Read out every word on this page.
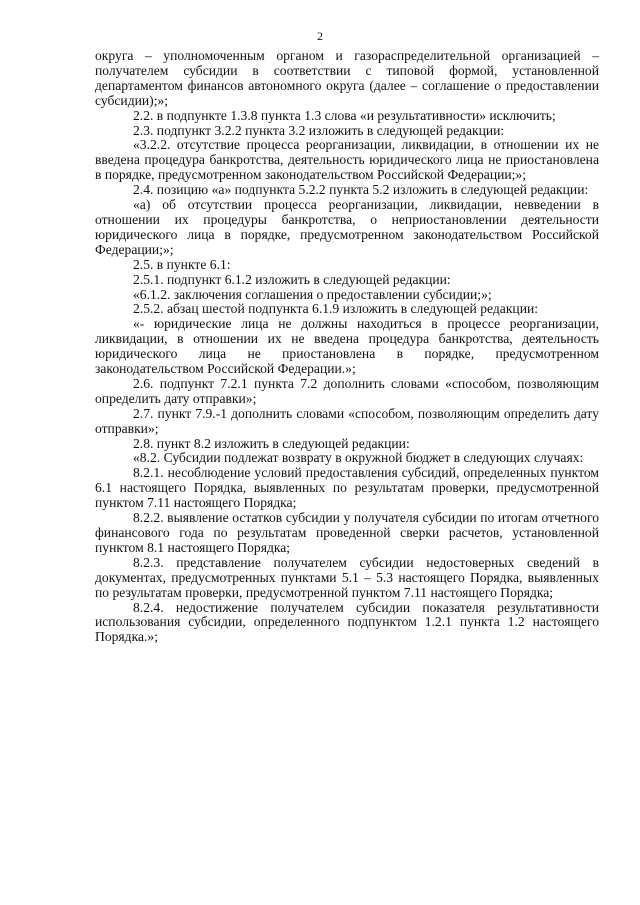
2

округа – уполномоченным органом и газораспределительной организацией – получателем субсидии в соответствии с типовой формой, установленной департаментом финансов автономного округа (далее – соглашение о предоставлении субсидии);»;

2.2. в подпункте 1.3.8 пункта 1.3 слова «и результативности» исключить;

2.3. подпункт 3.2.2 пункта 3.2 изложить в следующей редакции:

«3.2.2. отсутствие процесса реорганизации, ликвидации, в отношении их не введена процедура банкротства, деятельность юридического лица не приостановлена в порядке, предусмотренном законодательством Российской Федерации;»;

2.4. позицию «а» подпункта 5.2.2 пункта 5.2 изложить в следующей редакции:

«а) об отсутствии процесса реорганизации, ликвидации, невведении в отношении их процедуры банкротства, о неприостановлении деятельности юридического лица в порядке, предусмотренном законодательством Российской Федерации;»;

2.5. в пункте 6.1:

2.5.1. подпункт 6.1.2 изложить в следующей редакции:

«6.1.2. заключения соглашения о предоставлении субсидии;»;

2.5.2. абзац шестой подпункта 6.1.9 изложить в следующей редакции:

«- юридические лица не должны находиться в процессе реорганизации, ликвидации, в отношении их не введена процедура банкротства, деятельность юридического лица не приостановлена в порядке, предусмотренном законодательством Российской Федерации.»;

2.6. подпункт 7.2.1 пункта 7.2 дополнить словами «способом, позволяющим определить дату отправки»;

2.7. пункт 7.9.-1 дополнить словами «способом, позволяющим определить дату отправки»;

2.8. пункт 8.2 изложить в следующей редакции:

«8.2. Субсидии подлежат возврату в окружной бюджет в следующих случаях:

8.2.1. несоблюдение условий предоставления субсидий, определенных пунктом 6.1 настоящего Порядка, выявленных по результатам проверки, предусмотренной пунктом 7.11 настоящего Порядка;

8.2.2. выявление остатков субсидии у получателя субсидии по итогам отчетного финансового года по результатам проведенной сверки расчетов, установленной пунктом 8.1 настоящего Порядка;

8.2.3. представление получателем субсидии недостоверных сведений в документах, предусмотренных пунктами 5.1 – 5.3 настоящего Порядка, выявленных по результатам проверки, предусмотренной пунктом 7.11 настоящего Порядка;

8.2.4. недостижение получателем субсидии показателя результативности использования субсидии, определенного подпунктом 1.2.1 пункта 1.2 настоящего Порядка.»;
